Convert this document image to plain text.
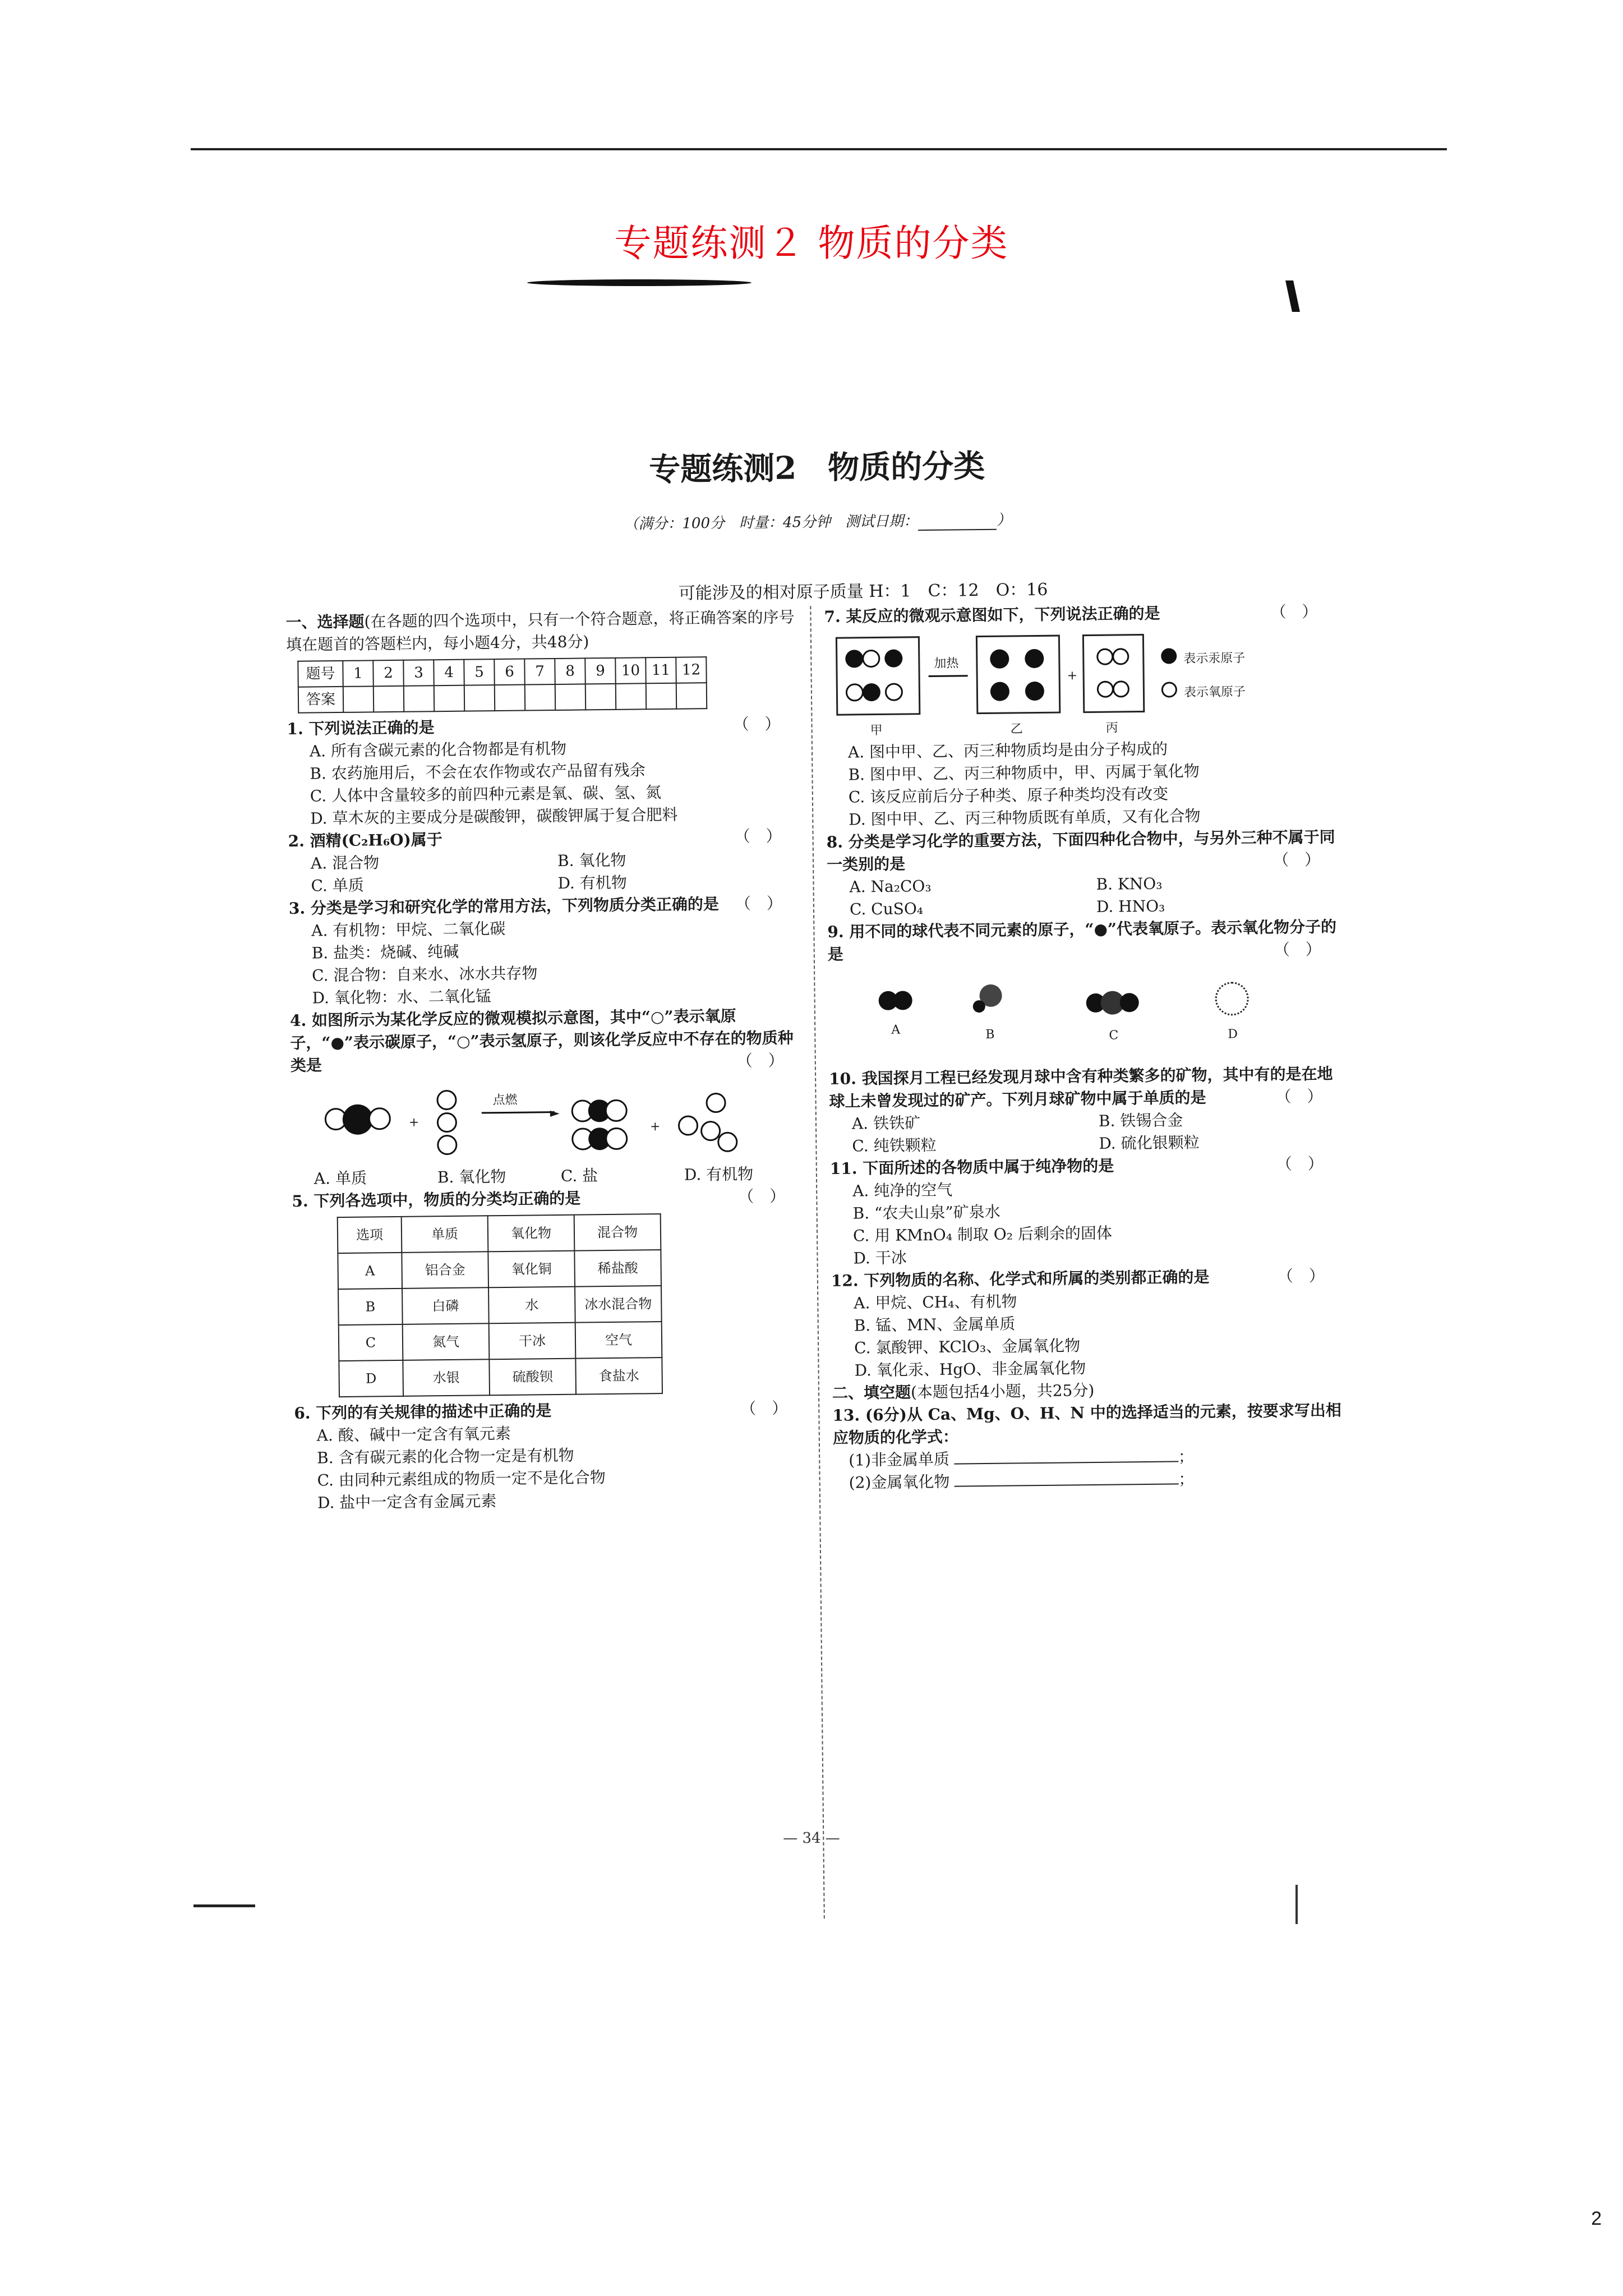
专题练测２ 物质的分类
专题练测2　物质的分类
（满分：100分　时量：45分钟　测试日期：	）
可能涉及的相对原子质量 H：1　C：12　O：16
一、选择题(在各题的四个选项中，只有一个符合题意，将正确答案的序号填在题首的答题栏内，每小题4分，共48分)
题号	1	2	3	4	5	6	7	8	9	10	11	12
答案												
1. 下列说法正确的是	（　）
A. 所有含碳元素的化合物都是有机物
B. 农药施用后，不会在农作物或农产品留有残余
C. 人体中含量较多的前四种元素是氧、碳、氢、氮
D. 草木灰的主要成分是碳酸钾，碳酸钾属于复合肥料
2. 酒精(C₂H₆O)属于	（　）
A. 混合物	B. 氧化物
C. 单质	D. 有机物
3. 分类是学习和研究化学的常用方法，下列物质分类正确的是 （　）
A. 有机物：甲烷、二氧化碳
B. 盐类：烧碱、纯碱
C. 混合物：自来水、冰水共存物
D. 氧化物：水、二氧化锰
4. 如图所示为某化学反应的微观模拟示意图，其中“○”表示氧原子，“●”表示碳原子，“○”表示氢原子，则该化学反应中不存在的物质种类是	（　）
+
点燃
►
+
A. 单质	B. 氧化物	C. 盐	D. 有机物
5. 下列各选项中，物质的分类均正确的是	（　）
选项	单质	氧化物	混合物
A	铝合金	氧化铜	稀盐酸
B	白磷	水	冰水混合物
C	氮气	干冰	空气
D	水银	硫酸钡	食盐水
6. 下列的有关规律的描述中正确的是	（　）
A. 酸、碱中一定含有氧元素
B. 含有碳元素的化合物一定是有机物
C. 由同种元素组成的物质一定不是化合物
D. 盐中一定含有金属元素
7. 某反应的微观示意图如下，下列说法正确的是	（　）
加热
+
表示汞原子
表示氧原子
甲	乙	丙
A. 图中甲、乙、丙三种物质均是由分子构成的
B. 图中甲、乙、丙三种物质中，甲、丙属于氧化物
C. 该反应前后分子种类、原子种类均没有改变
D. 图中甲、乙、丙三种物质既有单质，又有化合物
8. 分类是学习化学的重要方法，下面四种化合物中，与另外三种不属于同一类别的是	（　）
A. Na₂CO₃	B. KNO₃
C. CuSO₄	D. HNO₃
9. 用不同的球代表不同元素的原子，“●”代表氧原子。表示氧化物分子的是	（　）
A	B	C	D
10. 我国探月工程已经发现月球中含有种类繁多的矿物，其中有的是在地球上未曾发现过的矿产。下列月球矿物中属于单质的是	（　）
A. 铁铁矿	B. 铁锡合金
C. 纯铁颗粒	D. 硫化银颗粒
11. 下面所述的各物质中属于纯净物的是	（　）
A. 纯净的空气
B. “农夫山泉”矿泉水
C. 用 KMnO₄ 制取 O₂ 后剩余的固体
D. 干冰
12. 下列物质的名称、化学式和所属的类别都正确的是	（　）
A. 甲烷、CH₄、有机物
B. 锰、MN、金属单质
C. 氯酸钾、KClO₃、金属氧化物
D. 氧化汞、HgO、非金属氧化物
二、填空题(本题包括4小题，共25分)
13. (6分)从 Ca、Mg、O、H、N 中的选择适当的元素，按要求写出相应物质的化学式：
(1)非金属单质	；
(2)金属氧化物	；
— 34 —
2
